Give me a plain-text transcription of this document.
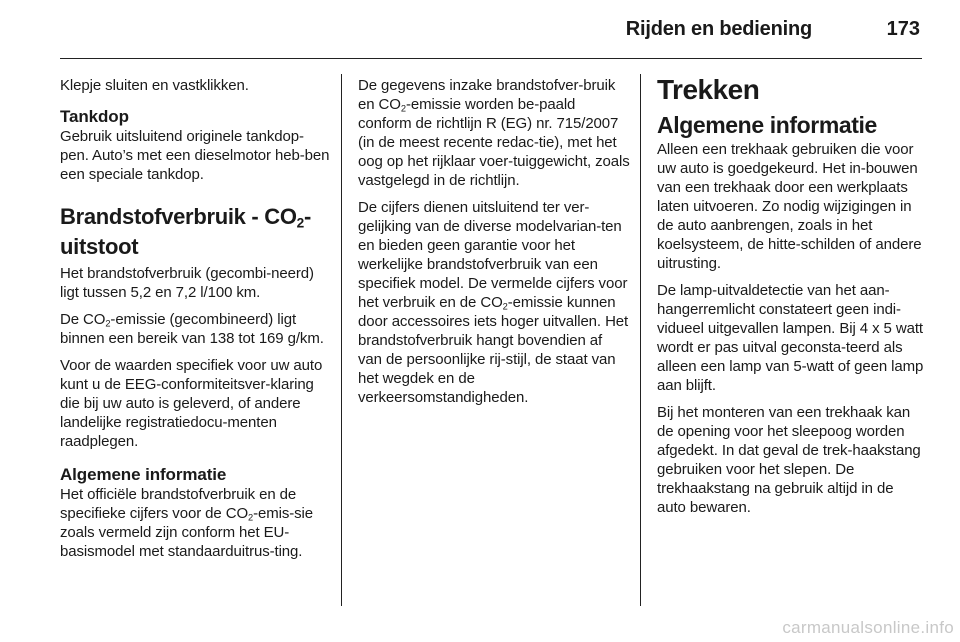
Rijden en bediening	173

Klepje sluiten en vastklikken.

Tankdop

Gebruik uitsluitend originele tankdop-pen. Auto’s met een dieselmotor heb-ben een speciale tankdop.

Brandstofverbruik - $CO_2$-uitstoot

Het brandstofverbruik (gecombi-neerd) ligt tussen 5,2 en 7,2 l/100 km.

De $CO_2$-emissie (gecombineerd) ligt binnen een bereik van 138 tot 169 g/km.

Voor de waarden specifiek voor uw auto kunt u de EEG-conformiteitsver-klaring die bij uw auto is geleverd, of andere landelijke registratiedocu-menten raadplegen.

Algemene informatie

Het officiële brandstofverbruik en de specifieke cijfers voor de $CO_2-emis$-sie zoals vermeld zijn conform het EU-basismodel met standaarduitrus-ting.

De gegevens inzake brandstofver-bruik en $CO_2$-emissie worden be-paald conform de richtlijn R (EG) nr. 715/2007 (in de meest recente redac-tie), met het oog op het rijklaar voer-tuiggewicht, zoals vastgelegd in de richtlijn.

De cijfers dienen uitsluitend ter ver-gelijking van de diverse modelvarian-ten en bieden geen garantie voor het werkelijke brandstofverbruik van een specifiek model. De vermelde cijfers voor het verbruik en de $CO_2$-emissie kunnen door accessoires iets hoger uitvallen. Het brandstofverbruik hangt bovendien af van de persoonlijke rij-stijl, de staat van het wegdek en de verkeersomstandigheden.

Trekken
Algemene informatie

Alleen een trekhaak gebruiken die voor uw auto is goedgekeurd. Het in-bouwen van een trekhaak door een werkplaats laten uitvoeren. Zo nodig wijzigingen in de auto aanbrengen, zoals in het koelsysteem, de hitte-schilden of andere uitrusting.

De lamp-uitvaldetectie van het aan-hangerremlicht constateert geen indi-vidueel uitgevallen lampen. Bij 4 x 5 watt wordt er pas uitval geconsta-teerd als alleen een lamp van 5-watt of geen lamp aan blijft.

Bij het monteren van een trekhaak kan de opening voor het sleepoog worden afgedekt. In dat geval de trek-haakstang gebruiken voor het slepen. De trekhaakstang na gebruik altijd in de auto bewaren.

carmanualsonline.info
